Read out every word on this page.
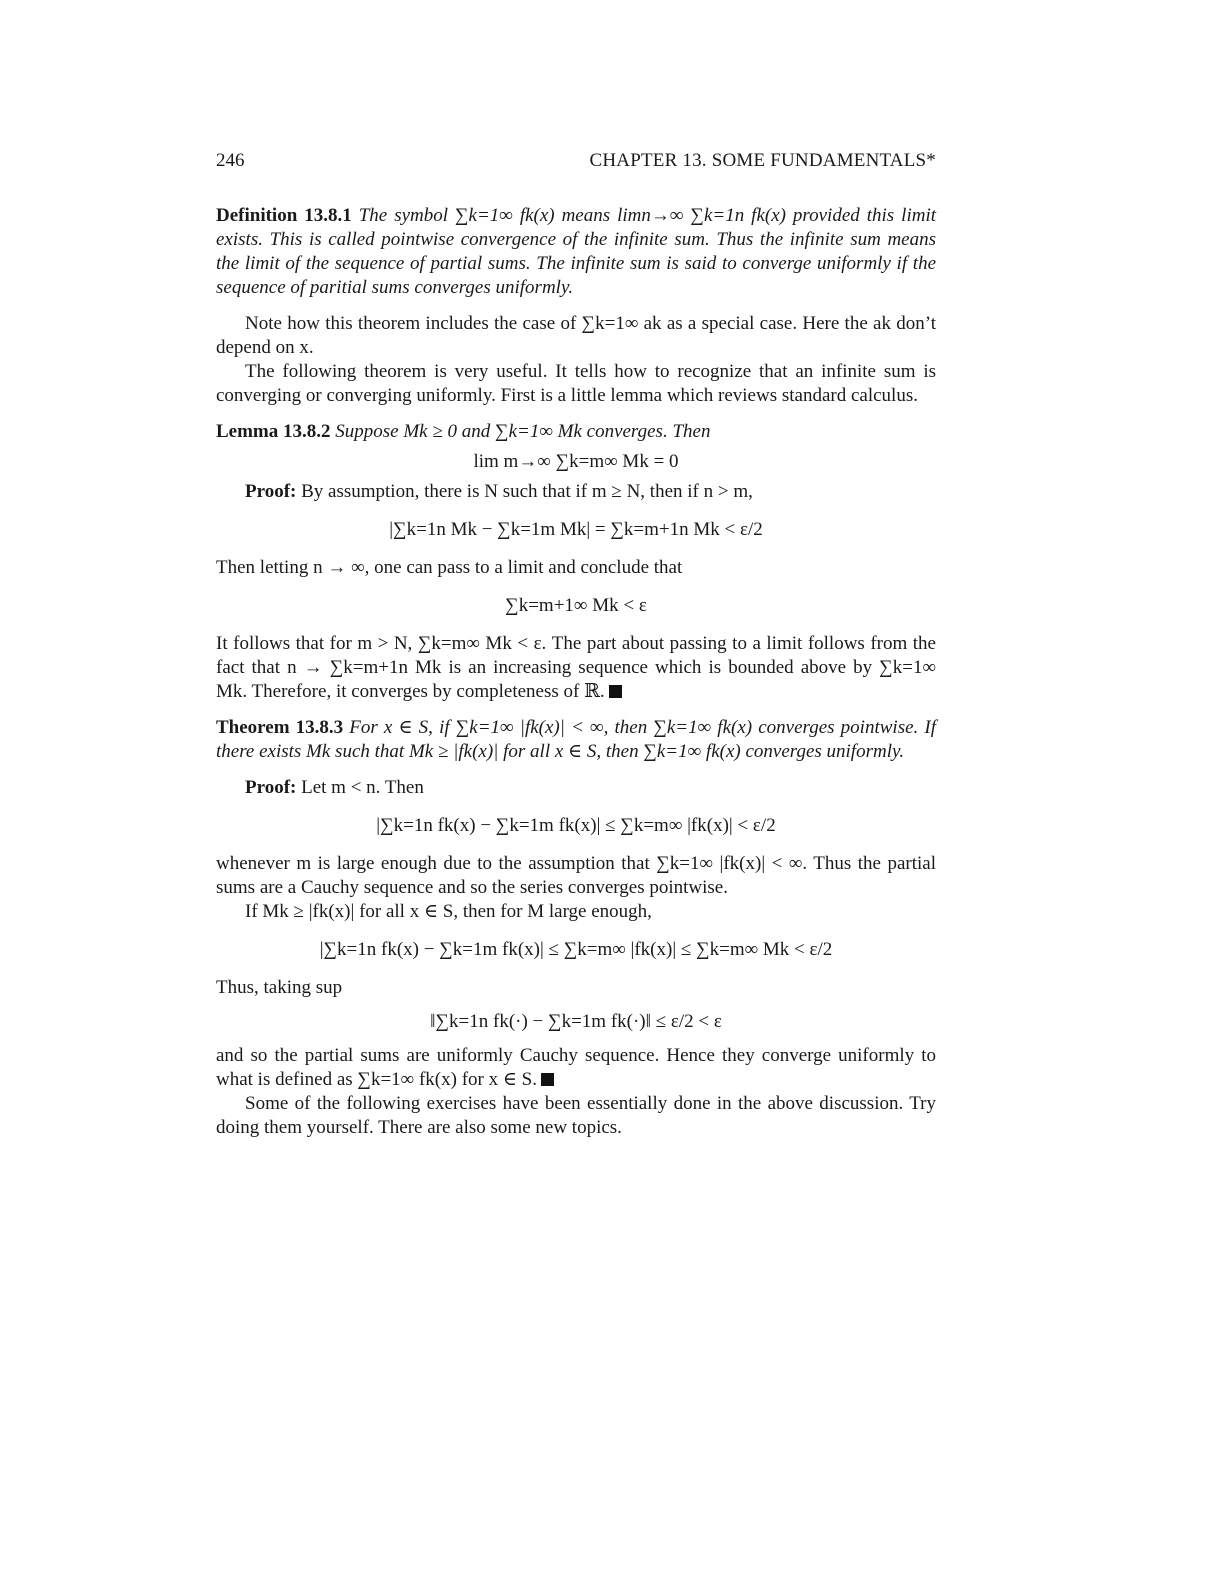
246	CHAPTER 13. SOME FUNDAMENTALS*

Definition 13.8.1 The symbol ∑k=1∞ fk(x) means limn→∞ ∑k=1n fk(x) provided this limit exists. This is called pointwise convergence of the infinite sum. Thus the infinite sum means the limit of the sequence of partial sums. The infinite sum is said to converge uniformly if the sequence of paritial sums converges uniformly.

Note how this theorem includes the case of ∑k=1∞ ak as a special case. Here the ak don’t depend on x.

The following theorem is very useful. It tells how to recognize that an infinite sum is converging or converging uniformly. First is a little lemma which reviews standard calculus.

Lemma 13.8.2 Suppose Mk ≥ 0 and ∑k=1∞ Mk converges. Then

lim m→∞ ∑k=m∞ Mk = 0

Proof: By assumption, there is N such that if m ≥ N, then if n > m,

|∑k=1n Mk − ∑k=1m Mk| = ∑k=m+1n Mk < ε/2

Then letting n → ∞, one can pass to a limit and conclude that

∑k=m+1∞ Mk < ε

It follows that for m > N, ∑k=m∞ Mk < ε. The part about passing to a limit follows from the fact that n → ∑k=m+1n Mk is an increasing sequence which is bounded above by ∑k=1∞ Mk. Therefore, it converges by completeness of ℝ.

Theorem 13.8.3 For x ∈ S, if ∑k=1∞ |fk(x)| < ∞, then ∑k=1∞ fk(x) converges pointwise. If there exists Mk such that Mk ≥ |fk(x)| for all x ∈ S, then ∑k=1∞ fk(x) converges uniformly.

Proof: Let m < n. Then

|∑k=1n fk(x) − ∑k=1m fk(x)| ≤ ∑k=m∞ |fk(x)| < ε/2

whenever m is large enough due to the assumption that ∑k=1∞ |fk(x)| < ∞. Thus the partial sums are a Cauchy sequence and so the series converges pointwise.

If Mk ≥ |fk(x)| for all x ∈ S, then for M large enough,

|∑k=1n fk(x) − ∑k=1m fk(x)| ≤ ∑k=m∞ |fk(x)| ≤ ∑k=m∞ Mk < ε/2

Thus, taking sup

‖∑k=1n fk(·) − ∑k=1m fk(·)‖ ≤ ε/2 < ε

and so the partial sums are uniformly Cauchy sequence. Hence they converge uniformly to what is defined as ∑k=1∞ fk(x) for x ∈ S.

Some of the following exercises have been essentially done in the above discussion. Try doing them yourself. There are also some new topics.
